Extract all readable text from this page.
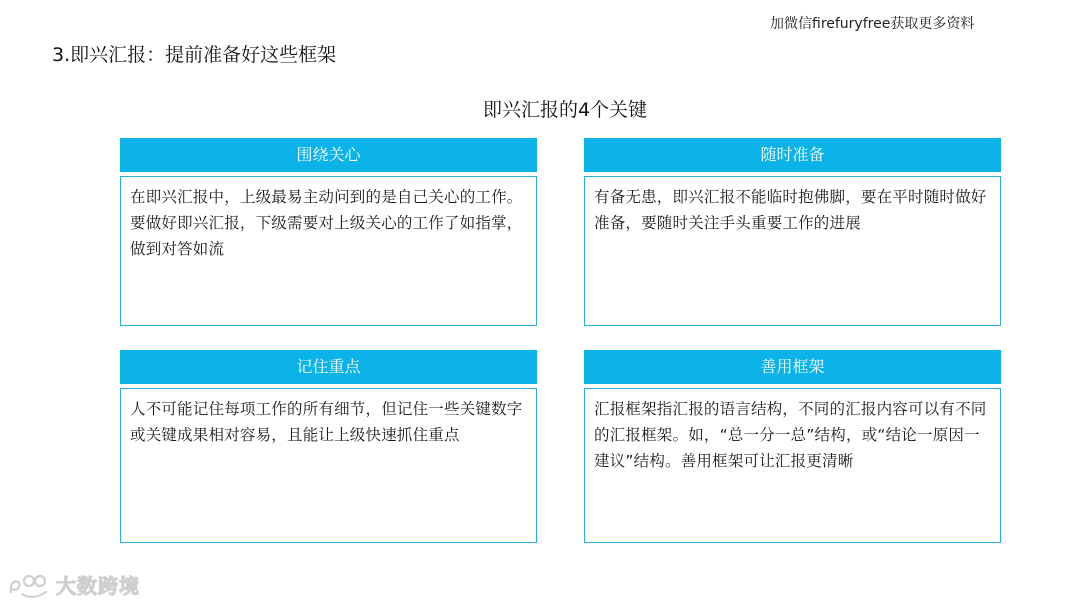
加微信firefuryfree获取更多资料
3.即兴汇报：提前准备好这些框架
即兴汇报的4个关键
围绕关心
在即兴汇报中，上级最易主动问到的是自己关心的工作。要做好即兴汇报，下级需要对上级关心的工作了如指掌，做到对答如流
随时准备
有备无患，即兴汇报不能临时抱佛脚，要在平时随时做好准备，要随时关注手头重要工作的进展
记住重点
人不可能记住每项工作的所有细节，但记住一些关键数字或关键成果相对容易，且能让上级快速抓住重点
善用框架
汇报框架指汇报的语言结构，不同的汇报内容可以有不同的汇报框架。如，“总一分一总”结构，或“结论一原因一建议”结构。善用框架可让汇报更清晰
大数跨境
